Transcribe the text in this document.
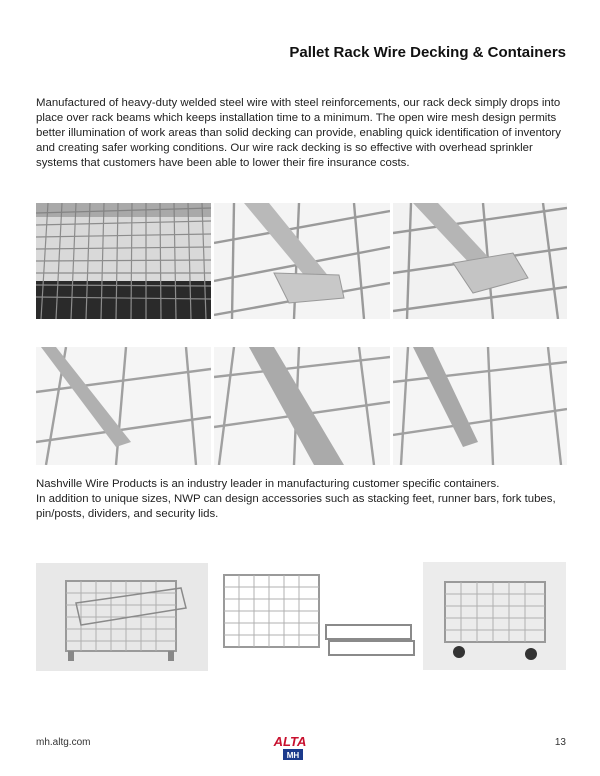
Pallet Rack Wire Decking & Containers

Manufactured of heavy-duty welded steel wire with steel reinforcements, our rack deck simply drops into place over rack beams which keeps installation time to a minimum. The open wire mesh design permits better illumination of work areas than solid decking can provide, enabling quick identification of inventory and creating safer working conditions. Our wire rack decking is so effective with overhead sprinkler systems that customers have been able to lower their fire insurance costs.

Nashville Wire Products is an industry leader in manufacturing customer specific containers.
In addition to unique sizes, NWP can design accessories such as stacking feet, runner bars, fork tubes, pin/posts, dividers, and security lids.

mh.altg.com	ALTA
MH
13
